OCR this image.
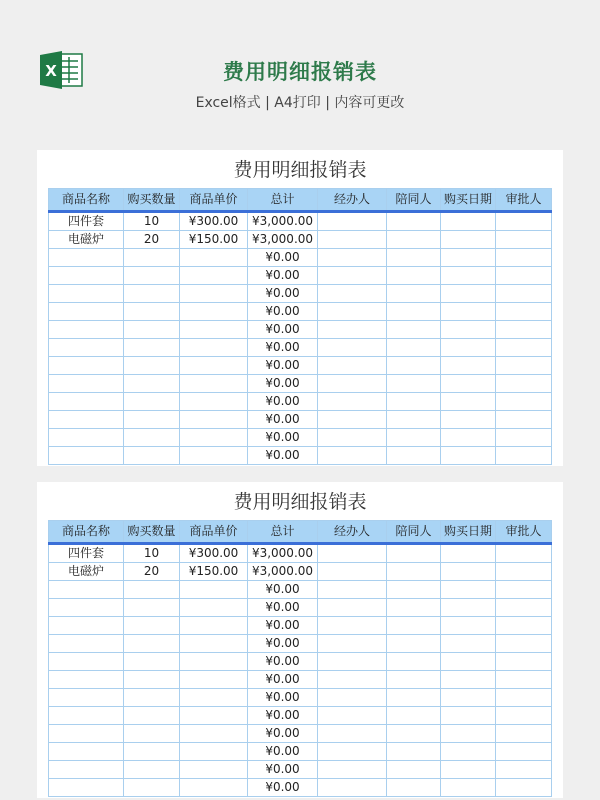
X	费用明细报销表
Excel格式 | A4打印 | 内容可更改
费用明细报销表
商品名称	购买数量	商品单价	总计	经办人	陪同人	购买日期	审批人
四件套	10	¥300.00	¥3,000.00				
电磁炉	20	¥150.00	¥3,000.00				
			¥0.00				
			¥0.00				
			¥0.00				
			¥0.00				
			¥0.00				
			¥0.00				
			¥0.00				
			¥0.00				
			¥0.00				
			¥0.00				
			¥0.00				
			¥0.00				
费用明细报销表
商品名称	购买数量	商品单价	总计	经办人	陪同人	购买日期	审批人
四件套	10	¥300.00	¥3,000.00				
电磁炉	20	¥150.00	¥3,000.00				
			¥0.00				
			¥0.00				
			¥0.00				
			¥0.00				
			¥0.00				
			¥0.00				
			¥0.00				
			¥0.00				
			¥0.00				
			¥0.00				
			¥0.00				
			¥0.00				
